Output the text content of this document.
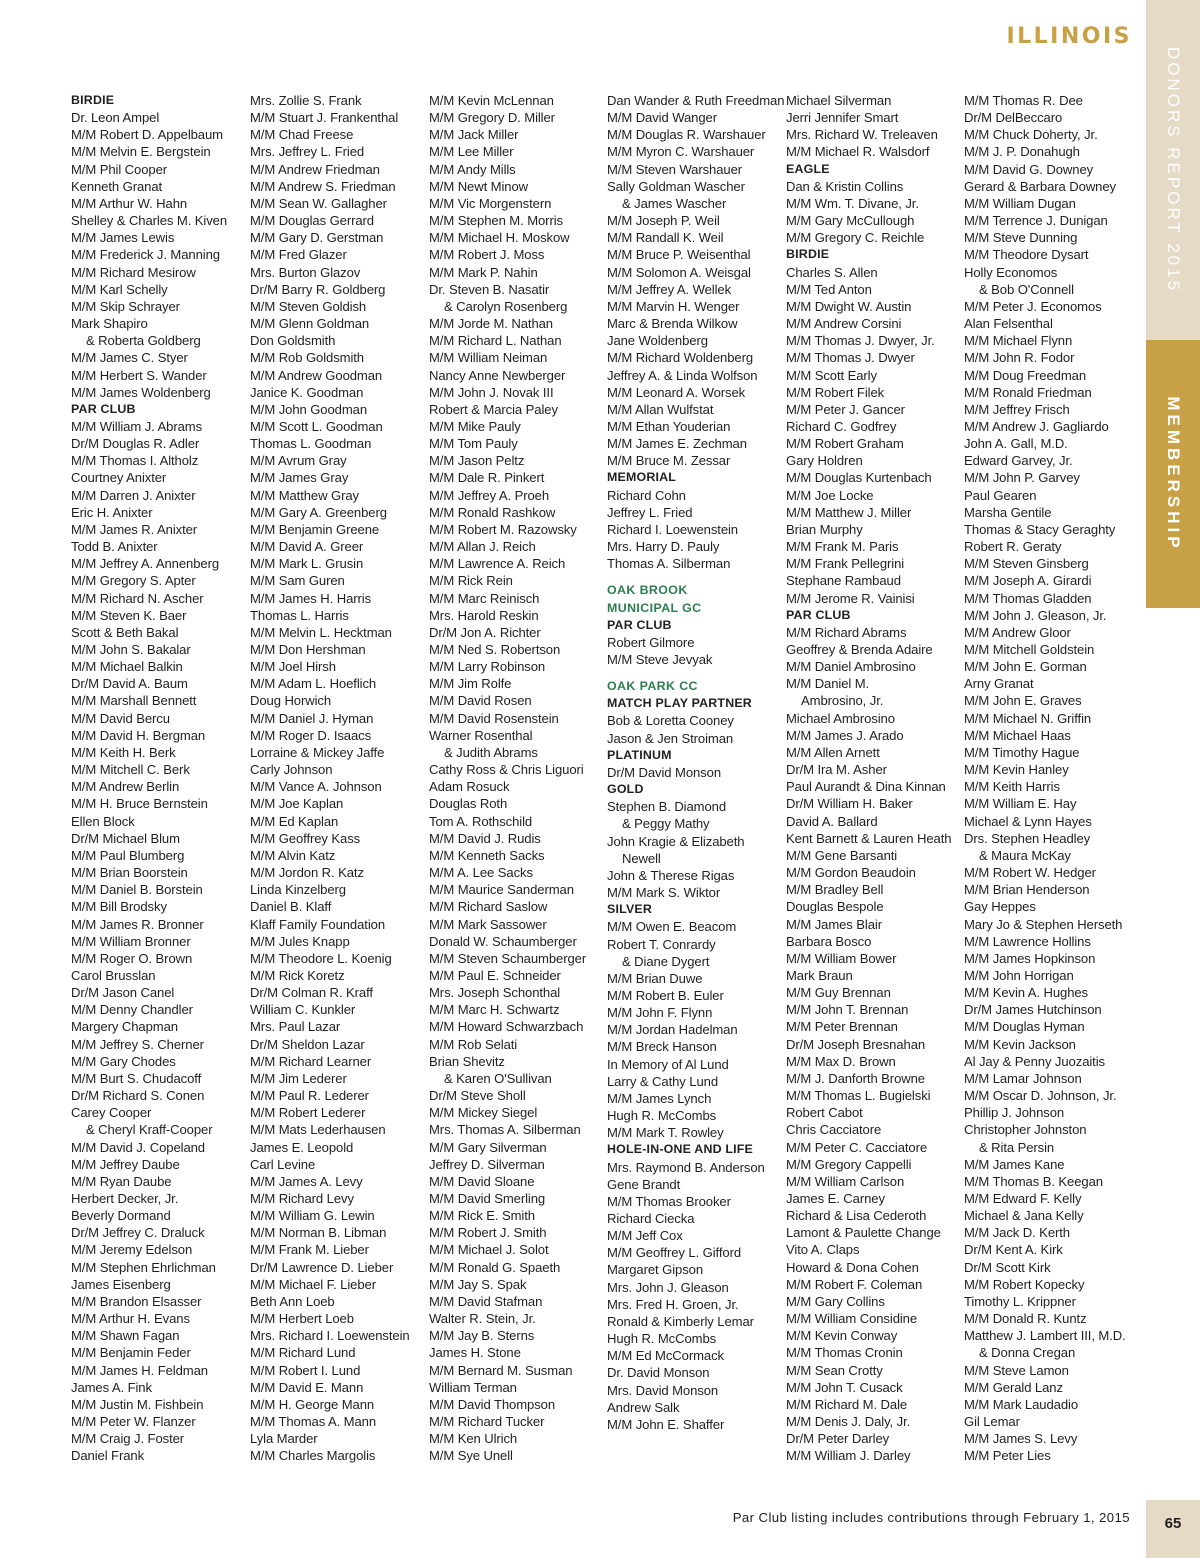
ILLINOIS
DONORS REPORT 2015
MEMBERSHIP
BIRDIE
Dr. Leon Ampel
M/M Robert D. Appelbaum
M/M Melvin E. Bergstein
M/M Phil Cooper
Kenneth Granat
M/M Arthur W. Hahn
Shelley & Charles M. Kiven
M/M James Lewis
M/M Frederick J. Manning
M/M Richard Mesirow
M/M Karl Schelly
M/M Skip Schrayer
Mark Shapiro
& Roberta Goldberg
M/M James C. Styer
M/M Herbert S. Wander
M/M James Woldenberg
PAR CLUB
M/M William J. Abrams
Dr/M Douglas R. Adler
M/M Thomas I. Altholz
Courtney Anixter
M/M Darren J. Anixter
Eric H. Anixter
M/M James R. Anixter
Todd B. Anixter
M/M Jeffrey A. Annenberg
M/M Gregory S. Apter
M/M Richard N. Ascher
M/M Steven K. Baer
Scott & Beth Bakal
M/M John S. Bakalar
M/M Michael Balkin
Dr/M David A. Baum
M/M Marshall Bennett
M/M David Bercu
M/M David H. Bergman
M/M Keith H. Berk
M/M Mitchell C. Berk
M/M Andrew Berlin
M/M H. Bruce Bernstein
Ellen Block
Dr/M Michael Blum
M/M Paul Blumberg
M/M Brian Boorstein
M/M Daniel B. Borstein
M/M Bill Brodsky
M/M James R. Bronner
M/M William Bronner
M/M Roger O. Brown
Carol Brusslan
Dr/M Jason Canel
M/M Denny Chandler
Margery Chapman
M/M Jeffrey S. Cherner
M/M Gary Chodes
M/M Burt S. Chudacoff
Dr/M Richard S. Conen
Carey Cooper
& Cheryl Kraff-Cooper
M/M David J. Copeland
M/M Jeffrey Daube
M/M Ryan Daube
Herbert Decker, Jr.
Beverly Dormand
Dr/M Jeffrey C. Draluck
M/M Jeremy Edelson
M/M Stephen Ehrlichman
James Eisenberg
M/M Brandon Elsasser
M/M Arthur H. Evans
M/M Shawn Fagan
M/M Benjamin Feder
M/M James H. Feldman
James A. Fink
M/M Justin M. Fishbein
M/M Peter W. Flanzer
M/M Craig J. Foster
Daniel Frank
Mrs. Zollie S. Frank
M/M Stuart J. Frankenthal
M/M Chad Freese
Mrs. Jeffrey L. Fried
M/M Andrew Friedman
M/M Andrew S. Friedman
M/M Sean W. Gallagher
M/M Douglas Gerrard
M/M Gary D. Gerstman
M/M Fred Glazer
Mrs. Burton Glazov
Dr/M Barry R. Goldberg
M/M Steven Goldish
M/M Glenn Goldman
Don Goldsmith
M/M Rob Goldsmith
M/M Andrew Goodman
Janice K. Goodman
M/M John Goodman
M/M Scott L. Goodman
Thomas L. Goodman
M/M Avrum Gray
M/M James Gray
M/M Matthew Gray
M/M Gary A. Greenberg
M/M Benjamin Greene
M/M David A. Greer
M/M Mark L. Grusin
M/M Sam Guren
M/M James H. Harris
Thomas L. Harris
M/M Melvin L. Hecktman
M/M Don Hershman
M/M Joel Hirsh
M/M Adam L. Hoeflich
Doug Horwich
M/M Daniel J. Hyman
M/M Roger D. Isaacs
Lorraine & Mickey Jaffe
Carly Johnson
M/M Vance A. Johnson
M/M Joe Kaplan
M/M Ed Kaplan
M/M Geoffrey Kass
M/M Alvin Katz
M/M Jordon R. Katz
Linda Kinzelberg
Daniel B. Klaff
Klaff Family Foundation
M/M Jules Knapp
M/M Theodore L. Koenig
M/M Rick Koretz
Dr/M Colman R. Kraff
William C. Kunkler
Mrs. Paul Lazar
Dr/M Sheldon Lazar
M/M Richard Learner
M/M Jim Lederer
M/M Paul R. Lederer
M/M Robert Lederer
M/M Mats Lederhausen
James E. Leopold
Carl Levine
M/M James A. Levy
M/M Richard Levy
M/M William G. Lewin
M/M Norman B. Libman
M/M Frank M. Lieber
Dr/M Lawrence D. Lieber
M/M Michael F. Lieber
Beth Ann Loeb
M/M Herbert Loeb
Mrs. Richard I. Loewenstein
M/M Richard Lund
M/M Robert I. Lund
M/M David E. Mann
M/M H. George Mann
M/M Thomas A. Mann
Lyla Marder
M/M Charles Margolis
M/M Kevin McLennan
M/M Gregory D. Miller
M/M Jack Miller
M/M Lee Miller
M/M Andy Mills
M/M Newt Minow
M/M Vic Morgenstern
M/M Stephen M. Morris
M/M Michael H. Moskow
M/M Robert J. Moss
M/M Mark P. Nahin
Dr. Steven B. Nasatir
& Carolyn Rosenberg
M/M Jorde M. Nathan
M/M Richard L. Nathan
M/M William Neiman
Nancy Anne Newberger
M/M John J. Novak III
Robert & Marcia Paley
M/M Mike Pauly
M/M Tom Pauly
M/M Jason Peltz
M/M Dale R. Pinkert
M/M Jeffrey A. Proeh
M/M Ronald Rashkow
M/M Robert M. Razowsky
M/M Allan J. Reich
M/M Lawrence A. Reich
M/M Rick Rein
M/M Marc Reinisch
Mrs. Harold Reskin
Dr/M Jon A. Richter
M/M Ned S. Robertson
M/M Larry Robinson
M/M Jim Rolfe
M/M David Rosen
M/M David Rosenstein
Warner Rosenthal
& Judith Abrams
Cathy Ross & Chris Liguori
Adam Rosuck
Douglas Roth
Tom A. Rothschild
M/M David J. Rudis
M/M Kenneth Sacks
M/M A. Lee Sacks
M/M Maurice Sanderman
M/M Richard Saslow
M/M Mark Sassower
Donald W. Schaumberger
M/M Steven Schaumberger
M/M Paul E. Schneider
Mrs. Joseph Schonthal
M/M Marc H. Schwartz
M/M Howard Schwarzbach
M/M Rob Selati
Brian Shevitz
& Karen O'Sullivan
Dr/M Steve Sholl
M/M Mickey Siegel
Mrs. Thomas A. Silberman
M/M Gary Silverman
Jeffrey D. Silverman
M/M David Sloane
M/M David Smerling
M/M Rick E. Smith
M/M Robert J. Smith
M/M Michael J. Solot
M/M Ronald G. Spaeth
M/M Jay S. Spak
M/M David Stafman
Walter R. Stein, Jr.
M/M Jay B. Sterns
James H. Stone
M/M Bernard M. Susman
William Terman
M/M David Thompson
M/M Richard Tucker
M/M Ken Ulrich
M/M Sye Unell
Dan Wander & Ruth Freedman
M/M David Wanger
M/M Douglas R. Warshauer
M/M Myron C. Warshauer
M/M Steven Warshauer
Sally Goldman Wascher
& James Wascher
M/M Joseph P. Weil
M/M Randall K. Weil
M/M Bruce P. Weisenthal
M/M Solomon A. Weisgal
M/M Jeffrey A. Wellek
M/M Marvin H. Wenger
Marc & Brenda Wilkow
Jane Woldenberg
M/M Richard Woldenberg
Jeffrey A. & Linda Wolfson
M/M Leonard A. Worsek
M/M Allan Wulfstat
M/M Ethan Youderian
M/M James E. Zechman
M/M Bruce M. Zessar
MEMORIAL
Richard Cohn
Jeffrey L. Fried
Richard I. Loewenstein
Mrs. Harry D. Pauly
Thomas A. Silberman
OAK BROOK
MUNICIPAL GC
PAR CLUB
Robert Gilmore
M/M Steve Jevyak
OAK PARK CC
MATCH PLAY PARTNER
Bob & Loretta Cooney
Jason & Jen Stroiman
PLATINUM
Dr/M David Monson
GOLD
Stephen B. Diamond
& Peggy Mathy
John Kragie & Elizabeth
Newell
John & Therese Rigas
M/M Mark S. Wiktor
SILVER
M/M Owen E. Beacom
Robert T. Conrardy
& Diane Dygert
M/M Brian Duwe
M/M Robert B. Euler
M/M John F. Flynn
M/M Jordan Hadelman
M/M Breck Hanson
In Memory of Al Lund
Larry & Cathy Lund
M/M James Lynch
Hugh R. McCombs
M/M Mark T. Rowley
HOLE-IN-ONE AND LIFE
Mrs. Raymond B. Anderson
Gene Brandt
M/M Thomas Brooker
Richard Ciecka
M/M Jeff Cox
M/M Geoffrey L. Gifford
Margaret Gipson
Mrs. John J. Gleason
Mrs. Fred H. Groen, Jr.
Ronald & Kimberly Lemar
Hugh R. McCombs
M/M Ed McCormack
Dr. David Monson
Mrs. David Monson
Andrew Salk
M/M John E. Shaffer
Michael Silverman
Jerri Jennifer Smart
Mrs. Richard W. Treleaven
M/M Michael R. Walsdorf
EAGLE
Dan & Kristin Collins
M/M Wm. T. Divane, Jr.
M/M Gary McCullough
M/M Gregory C. Reichle
BIRDIE
Charles S. Allen
M/M Ted Anton
M/M Dwight W. Austin
M/M Andrew Corsini
M/M Thomas J. Dwyer, Jr.
M/M Thomas J. Dwyer
M/M Scott Early
M/M Robert Filek
M/M Peter J. Gancer
Richard C. Godfrey
M/M Robert Graham
Gary Holdren
M/M Douglas Kurtenbach
M/M Joe Locke
M/M Matthew J. Miller
Brian Murphy
M/M Frank M. Paris
M/M Frank Pellegrini
Stephane Rambaud
M/M Jerome R. Vainisi
PAR CLUB
M/M Richard Abrams
Geoffrey & Brenda Adaire
M/M Daniel Ambrosino
M/M Daniel M.
Ambrosino, Jr.
Michael Ambrosino
M/M James J. Arado
M/M Allen Arnett
Dr/M Ira M. Asher
Paul Aurandt & Dina Kinnan
Dr/M William H. Baker
David A. Ballard
Kent Barnett & Lauren Heath
M/M Gene Barsanti
M/M Gordon Beaudoin
M/M Bradley Bell
Douglas Bespole
M/M James Blair
Barbara Bosco
M/M William Bower
Mark Braun
M/M Guy Brennan
M/M John T. Brennan
M/M Peter Brennan
Dr/M Joseph Bresnahan
M/M Max D. Brown
M/M J. Danforth Browne
M/M Thomas L. Bugielski
Robert Cabot
Chris Cacciatore
M/M Peter C. Cacciatore
M/M Gregory Cappelli
M/M William Carlson
James E. Carney
Richard & Lisa Cederoth
Lamont & Paulette Change
Vito A. Claps
Howard & Dona Cohen
M/M Robert F. Coleman
M/M Gary Collins
M/M William Considine
M/M Kevin Conway
M/M Thomas Cronin
M/M Sean Crotty
M/M John T. Cusack
M/M Richard M. Dale
M/M Denis J. Daly, Jr.
Dr/M Peter Darley
M/M William J. Darley
M/M Thomas R. Dee
Dr/M DelBeccaro
M/M Chuck Doherty, Jr.
M/M J. P. Donahugh
M/M David G. Downey
Gerard & Barbara Downey
M/M William Dugan
M/M Terrence J. Dunigan
M/M Steve Dunning
M/M Theodore Dysart
Holly Economos
& Bob O'Connell
M/M Peter J. Economos
Alan Felsenthal
M/M Michael Flynn
M/M John R. Fodor
M/M Doug Freedman
M/M Ronald Friedman
M/M Jeffrey Frisch
M/M Andrew J. Gagliardo
John A. Gall, M.D.
Edward Garvey, Jr.
M/M John P. Garvey
Paul Gearen
Marsha Gentile
Thomas & Stacy Geraghty
Robert R. Geraty
M/M Steven Ginsberg
M/M Joseph A. Girardi
M/M Thomas Gladden
M/M John J. Gleason, Jr.
M/M Andrew Gloor
M/M Mitchell Goldstein
M/M John E. Gorman
Arny Granat
M/M John E. Graves
M/M Michael N. Griffin
M/M Michael Haas
M/M Timothy Hague
M/M Kevin Hanley
M/M Keith Harris
M/M William E. Hay
Michael & Lynn Hayes
Drs. Stephen Headley
& Maura McKay
M/M Robert W. Hedger
M/M Brian Henderson
Gay Heppes
Mary Jo & Stephen Herseth
M/M Lawrence Hollins
M/M James Hopkinson
M/M John Horrigan
M/M Kevin A. Hughes
Dr/M James Hutchinson
M/M Douglas Hyman
M/M Kevin Jackson
Al Jay & Penny Juozaitis
M/M Lamar Johnson
M/M Oscar D. Johnson, Jr.
Phillip J. Johnson
Christopher Johnston
& Rita Persin
M/M James Kane
M/M Thomas B. Keegan
M/M Edward F. Kelly
Michael & Jana Kelly
M/M Jack D. Kerth
Dr/M Kent A. Kirk
Dr/M Scott Kirk
M/M Robert Kopecky
Timothy L. Krippner
M/M Donald R. Kuntz
Matthew J. Lambert III, M.D.
& Donna Cregan
M/M Steve Lamon
M/M Gerald Lanz
M/M Mark Laudadio
Gil Lemar
M/M James S. Levy
M/M Peter Lies
Par Club listing includes contributions through February 1, 2015	65
